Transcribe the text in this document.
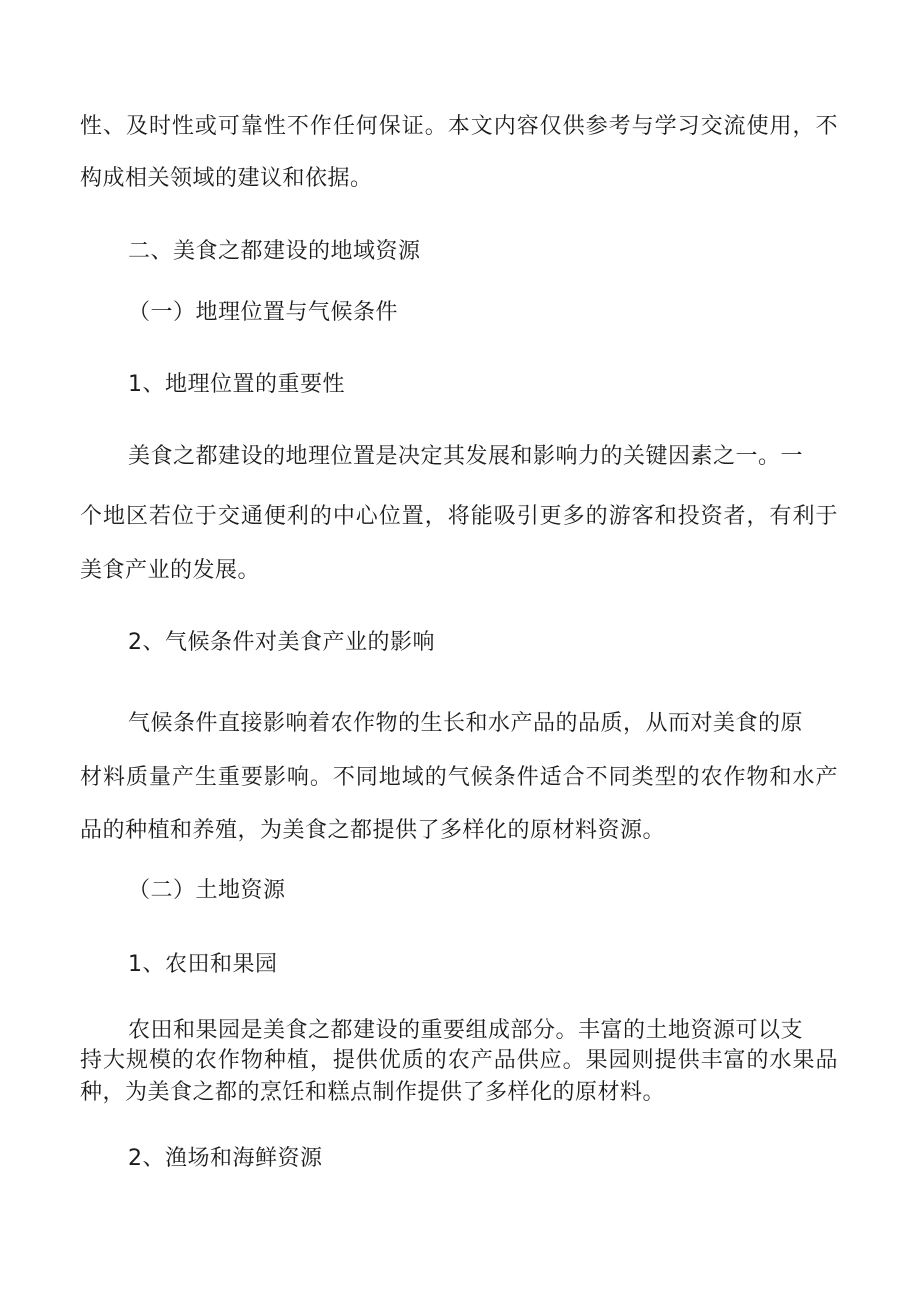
性、及时性或可靠性不作任何保证。本文内容仅供参考与学习交流使用，不
构成相关领域的建议和依据。
二、美食之都建设的地域资源
（一）地理位置与气候条件
1、地理位置的重要性
美食之都建设的地理位置是决定其发展和影响力的关键因素之一。一
个地区若位于交通便利的中心位置，将能吸引更多的游客和投资者，有利于
美食产业的发展。
2、气候条件对美食产业的影响
气候条件直接影响着农作物的生长和水产品的品质，从而对美食的原
材料质量产生重要影响。不同地域的气候条件适合不同类型的农作物和水产
品的种植和养殖，为美食之都提供了多样化的原材料资源。
（二）土地资源
1、农田和果园
农田和果园是美食之都建设的重要组成部分。丰富的土地资源可以支
持大规模的农作物种植，提供优质的农产品供应。果园则提供丰富的水果品
种，为美食之都的烹饪和糕点制作提供了多样化的原材料。
2、渔场和海鲜资源
